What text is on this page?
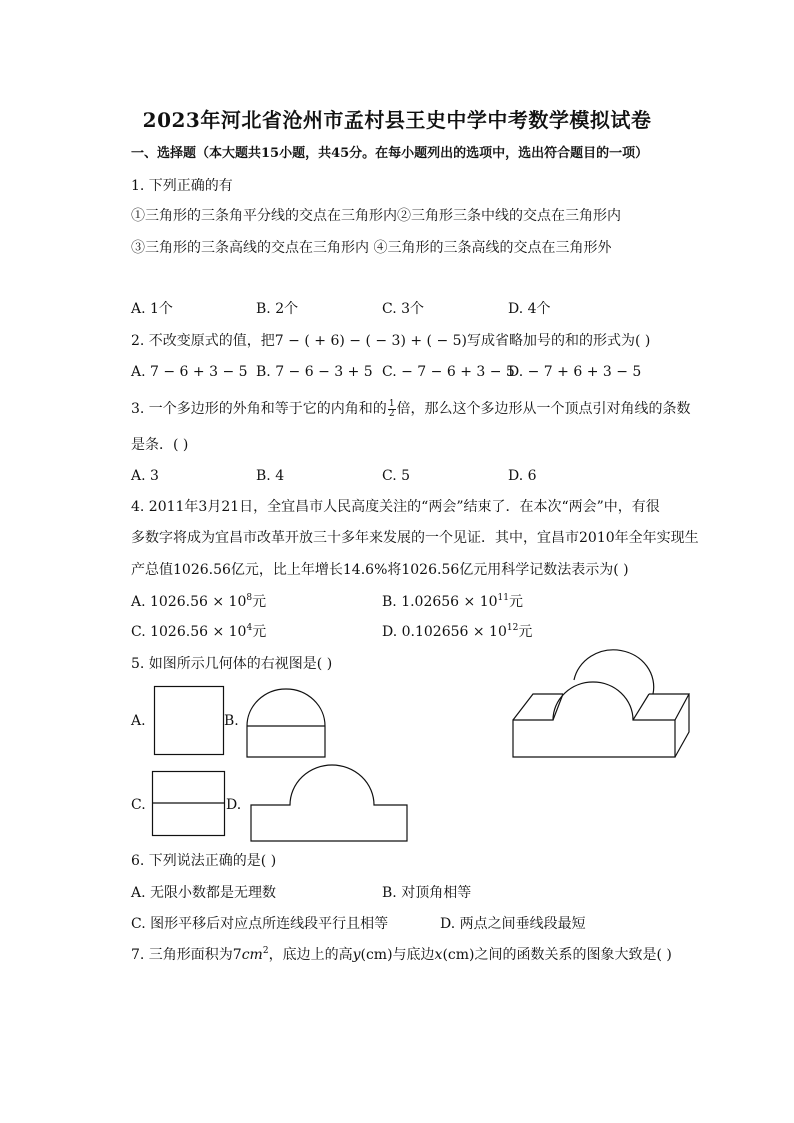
2023年河北省沧州市孟村县王史中学中考数学模拟试卷
一、选择题（本大题共15小题，共45分。在每小题列出的选项中，选出符合题目的一项）
1. 下列正确的有
①三角形的三条角平分线的交点在三角形内②三角形三条中线的交点在三角形内
③三角形的三条高线的交点在三角形内 ④三角形的三条高线的交点在三角形外
A. 1个	B. 2个	C. 3个	D. 4个
2. 不改变原式的值，把7 − ( + 6) − ( − 3) + ( − 5)写成省略加号的和的形式为( )
A. 7 − 6 + 3 − 5 B. 7 − 6 − 3 + 5 C. − 7 − 6 + 3 − 5
D. − 7 + 6 + 3 − 5
3. 一个多边形的外角和等于它的内角和的 $\frac{1}{2}$ 倍，那么这个多边形从一个顶点引对角线的条数
是条．( )
A. 3	B. 4	C. 5	D. 6
4. 2011年3月21日，全宜昌市人民高度关注的“两会”结束了．在本次“两会”中，有很
多数字将成为宜昌市改革开放三十多年来发展的一个见证．其中，宜昌市2010年全年实现生
产总值1026.56亿元，比上年增长14.6%将1026.56亿元用科学记数法表示为( )
A. $1026.56 \times 10^8$元	B. $1.02656 \times 10^{11}$元
C. $1026.56 \times 10^4$元	D. $0.102656 \times 10^{12}$元
5. 如图所示几何体的右视图是( )
A.	B.
C.	D.
6. 下列说法正确的是( )
A. 无限小数都是无理数	B. 对顶角相等
C. 图形平移后对应点所连线段平行且相等	D. 两点之间垂线段最短
7. 三角形面积为$7cm^2$，底边上的高y(cm)与底边x(cm)之间的函数关系的图象大致是( )
